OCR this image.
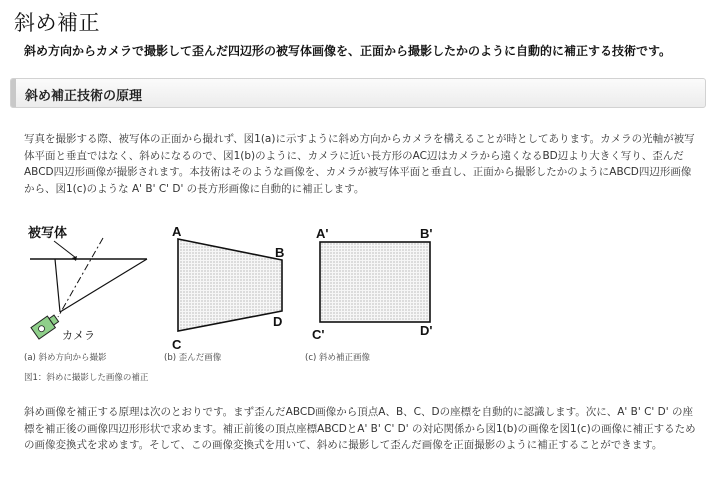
斜め補正
斜め方向からカメラで撮影して歪んだ四辺形の被写体画像を、正面から撮影したかのように自動的に補正する技術です。
斜め補正技術の原理

写真を撮影する際、被写体の正面から撮れず、図1(a)に示すように斜め方向からカメラを構えることが時としてあります。カメラの光軸が被写体平面と垂直ではなく、斜めになるので、図1(b)のように、カメラに近い長方形のAC辺はカメラから遠くなるBD辺より大きく写り、歪んだABCD四辺形画像が撮影されます。本技術はそのような画像を、カメラが被写体平面と垂直し、正面から撮影したかのようにABCD四辺形画像から、図1(c)のような A' B' C' D' の長方形画像に自動的に補正します。

被写体
カメラ
A
B
C
D
A'	B'
C'	D'
(a) 斜め方向から撮影	(b) 歪んだ画像	(c) 斜め補正画像
図1：斜めに撮影した画像の補正

斜め画像を補正する原理は次のとおりです。まず歪んだABCD画像から頂点A、B、C、Dの座標を自動的に認識します。次に、A' B' C' D' の座標を補正後の画像四辺形形状で求めます。補正前後の頂点座標ABCDとA' B' C' D' の対応関係から図1(b)の画像を図1(c)の画像に補正するための画像変換式を求めます。そして、この画像変換式を用いて、斜めに撮影して歪んだ画像を正面撮影のように補正することができます。
